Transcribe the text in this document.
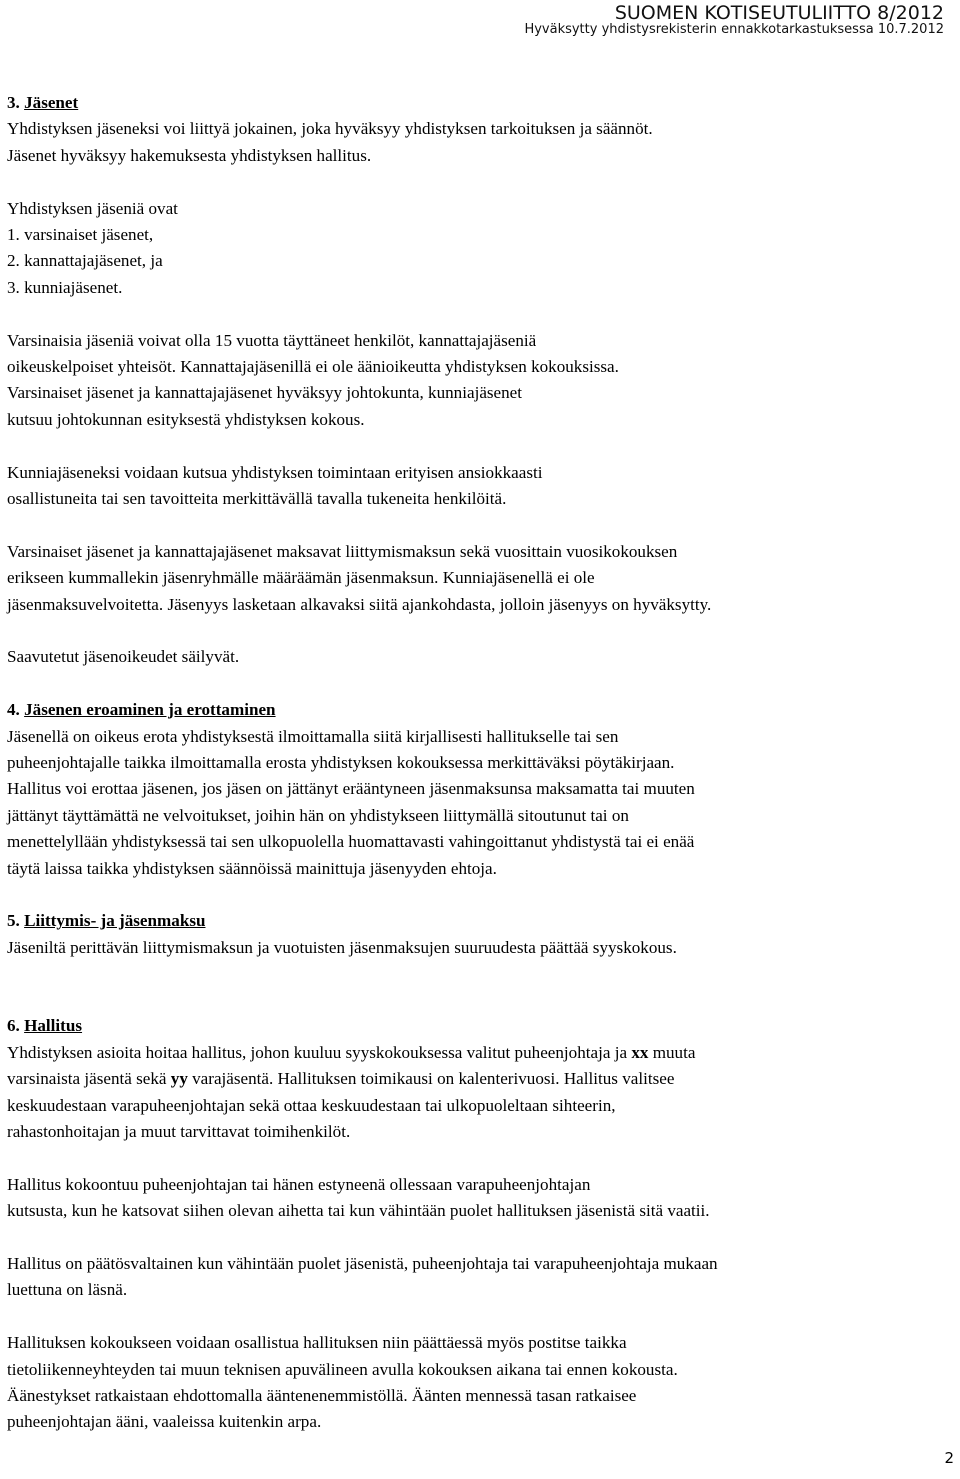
SUOMEN KOTISEUTULIITTO 8/2012
Hyväksytty yhdistysrekisterin ennakkotarkastuksessa 10.7.2012
3. Jäsenet
Yhdistyksen jäseneksi voi liittyä jokainen, joka hyväksyy yhdistyksen tarkoituksen ja säännöt.
Jäsenet hyväksyy hakemuksesta yhdistyksen hallitus.
Yhdistyksen jäseniä ovat
1. varsinaiset jäsenet,
2. kannattajajäsenet, ja
3. kunniajäsenet.
Varsinaisia jäseniä voivat olla 15 vuotta täyttäneet henkilöt, kannattajajäseniä
oikeuskelpoiset yhteisöt. Kannattajajäsenillä ei ole äänioikeutta yhdistyksen kokouksissa.
Varsinaiset jäsenet ja kannattajajäsenet hyväksyy johtokunta, kunniajäsenet
kutsuu johtokunnan esityksestä yhdistyksen kokous.
Kunniajäseneksi voidaan kutsua yhdistyksen toimintaan erityisen ansiokkaasti
osallistuneita tai sen tavoitteita merkittävällä tavalla tukeneita henkilöitä.
Varsinaiset jäsenet ja kannattajajäsenet maksavat liittymismaksun sekä vuosittain vuosikokouksen
erikseen kummallekin jäsenryhmälle määräämän jäsenmaksun. Kunniajäsenellä ei ole
jäsenmaksuvelvoitetta. Jäsenyys lasketaan alkavaksi siitä ajankohdasta, jolloin jäsenyys on hyväksytty.
Saavutetut jäsenoikeudet säilyvät.
4. Jäsenen eroaminen ja erottaminen
Jäsenellä on oikeus erota yhdistyksestä ilmoittamalla siitä kirjallisesti hallitukselle tai sen
puheenjohtajalle taikka ilmoittamalla erosta yhdistyksen kokouksessa merkittäväksi pöytäkirjaan.
Hallitus voi erottaa jäsenen, jos jäsen on jättänyt erääntyneen jäsenmaksunsa maksamatta tai muuten
jättänyt täyttämättä ne velvoitukset, joihin hän on yhdistykseen liittymällä sitoutunut tai on
menettelyllään yhdistyksessä tai sen ulkopuolella huomattavasti vahingoittanut yhdistystä tai ei enää
täytä laissa taikka yhdistyksen säännöissä mainittuja jäsenyyden ehtoja.
5. Liittymis- ja jäsenmaksu
Jäseniltä perittävän liittymismaksun ja vuotuisten jäsenmaksujen suuruudesta päättää syyskokous.
6. Hallitus
Yhdistyksen asioita hoitaa hallitus, johon kuuluu syyskokouksessa valitut puheenjohtaja ja xx muuta
varsinaista jäsentä sekä yy varajäsentä. Hallituksen toimikausi on kalenterivuosi. Hallitus valitsee
keskuudestaan varapuheenjohtajan sekä ottaa keskuudestaan tai ulkopuoleltaan sihteerin,
rahastonhoitajan ja muut tarvittavat toimihenkilöt.
Hallitus kokoontuu puheenjohtajan tai hänen estyneenä ollessaan varapuheenjohtajan
kutsusta, kun he katsovat siihen olevan aihetta tai kun vähintään puolet hallituksen jäsenistä sitä vaatii.
Hallitus on päätösvaltainen kun vähintään puolet jäsenistä, puheenjohtaja tai varapuheenjohtaja mukaan
luettuna on läsnä.
Hallituksen kokoukseen voidaan osallistua hallituksen niin päättäessä myös postitse taikka
tietoliikenneyhteyden tai muun teknisen apuvälineen avulla kokouksen aikana tai ennen kokousta.
Äänestykset ratkaistaan ehdottomalla ääntenenemmistöllä. Äänten mennessä tasan ratkaisee
puheenjohtajan ääni, vaaleissa kuitenkin arpa.
2
